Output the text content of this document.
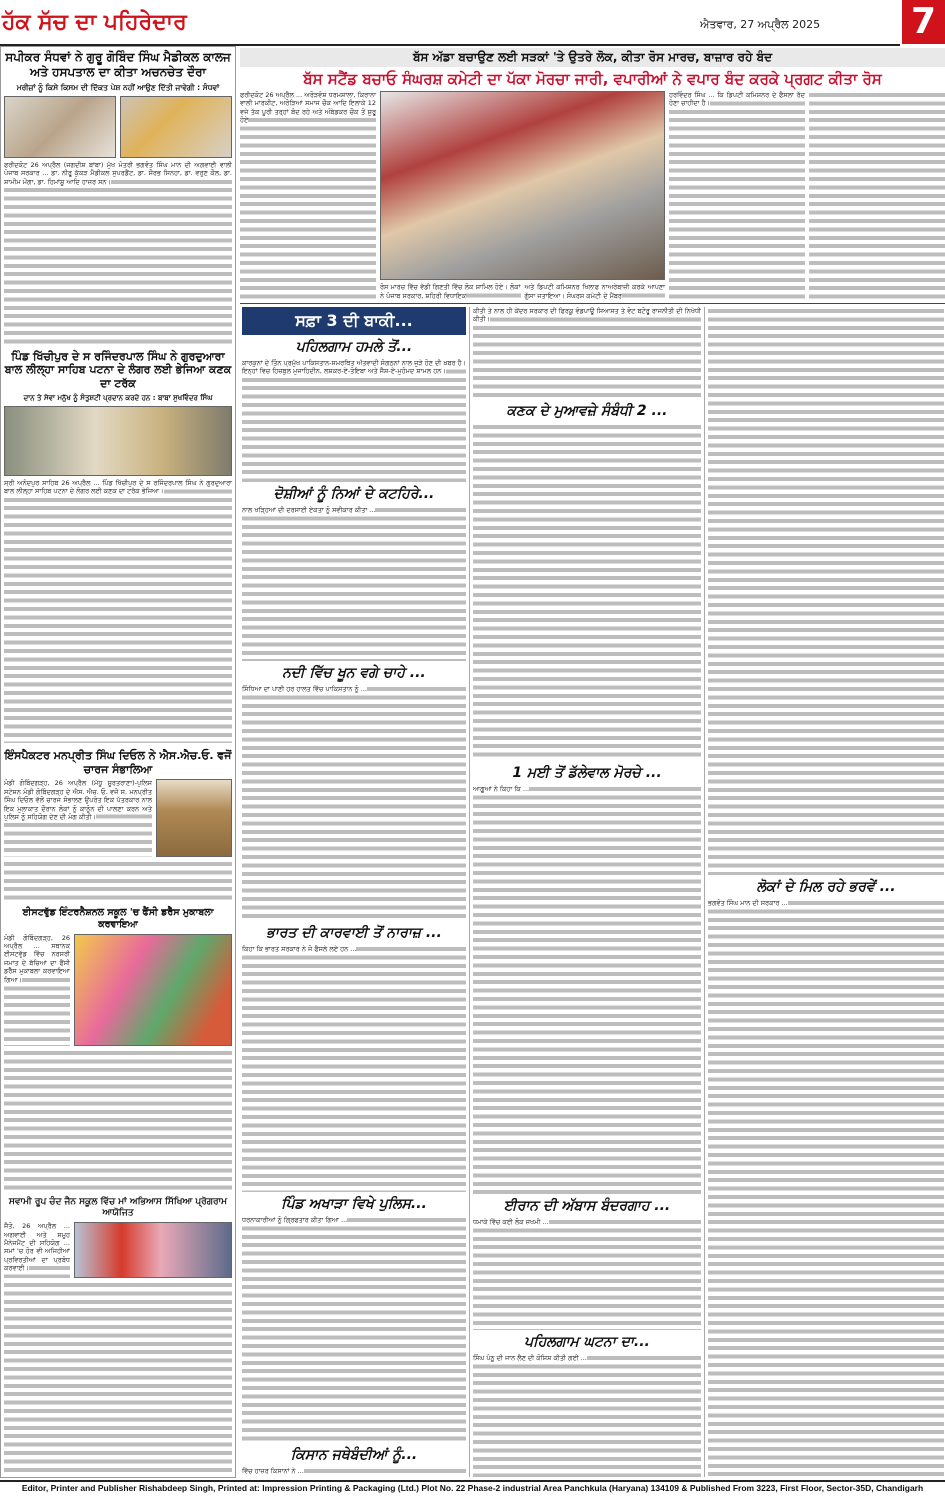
ਹੱਕ ਸੱਚ ਦਾ ਪਹਿਰੇਦਾਰ	ਐਤਵਾਰ, 27 ਅਪ੍ਰੈਲ 2025	7
ਸਪੀਕਰ ਸੰਧਵਾਂ ਨੇ ਗੁਰੂ ਗੋਬਿੰਦ ਸਿੰਘ ਮੈਡੀਕਲ ਕਾਲਜ ਅਤੇ ਹਸਪਤਾਲ ਦਾ ਕੀਤਾ ਅਚਨਚੇਤ ਦੌਰਾ
ਮਰੀਜ਼ਾਂ ਨੂੰ ਕਿਸੇ ਕਿਸਮ ਦੀ ਦਿੱਕਤ ਪੇਸ਼ ਨਹੀਂ ਆਉਣ ਦਿੱਤੀ ਜਾਵੇਗੀ : ਸੰਧਵਾਂ
ਫਰੀਦਕੋਟ 26 ਅਪ੍ਰੈਲ (ਜਗਦੀਸ਼ ਬਾਂਬਾ) ਮੁੱਖ ਮੰਤਰੀ ਭਗਵੰਤ ਸਿੰਘ ਮਾਨ ਦੀ ਅਗਵਾਈ ਵਾਲੀ ਪੰਜਾਬ ਸਰਕਾਰ ... ਡਾ. ਨੀਰੂ ਕੁੱਕੜ ਮੈਡੀਕਲ ਸੁਪਰਡੈਂਟ, ਡਾ. ਸੌਰਭ ਸਿਨਹਾ, ਡਾ. ਵਰੁਣ ਕੌਲ, ਡਾ. ਸ਼ਾਮੀਮ ਮੋਂਗਾ, ਡਾ. ਹਿਮਾਂਸ਼ੂ ਆਦਿ ਹਾਜ਼ਰ ਸਨ।
ਪਿੰਡ ਖਿੱਚੀਪੁਰ ਦੇ ਸ ਰਜਿੰਦਰਪਾਲ ਸਿੰਘ ਨੇ ਗੁਰਦੁਆਰਾ ਬਾਲ ਲੀਲ੍ਹਾ ਸਾਹਿਬ ਪਟਨਾ ਦੇ ਲੰਗਰ ਲਈ ਭੇਜਿਆ ਕਣਕ ਦਾ ਟਰੱਕ
ਦਾਨ ਤੇ ਸੇਵਾ ਮਨੁੱਖ ਨੂੰ ਸੰਤੁਸ਼ਟੀ ਪ੍ਰਦਾਨ ਕਰਦੇ ਹਨ : ਬਾਬਾ ਸੁਖਵਿੰਦਰ ਸਿੰਘ
ਸ੍ਰੀ ਅਨੰਦਪੁਰ ਸਾਹਿਬ 26 ਅਪ੍ਰੈਲ ... ਪਿੰਡ ਖਿੱਚੀਪੁਰ ਦੇ ਸ ਰਜਿੰਦਰਪਾਲ ਸਿੰਘ ਨੇ ਗੁਰਦੁਆਰਾ ਬਾਲ ਲੀਲ੍ਹਾ ਸਾਹਿਬ ਪਟਨਾ ਦੇ ਲੰਗਰ ਲਈ ਕਣਕ ਦਾ ਟਰੱਕ ਭੇਜਿਆ।
ਇੰਸਪੈਕਟਰ ਮਨਪ੍ਰੀਤ ਸਿੰਘ ਦਿਓਲ ਨੇ ਐਸ.ਐਚ.ਓ. ਵਜੋਂ ਚਾਰਜ ਸੰਭਾਲਿਆ
ਮੰਡੀ ਗੋਬਿੰਦਗੜ੍ਹ, 26 ਅਪ੍ਰੈਲ (ਮੱਧੂ ਸੂਰਤਰਾਣਾ)-ਪੁਲਿਸ ਸਟੇਸ਼ਨ ਮੰਡੀ ਗੋਬਿੰਦਗੜ੍ਹ ਦੇ ਐਸ. ਐਚ. ਓ. ਵਜੋਂ ਸ. ਮਨਪ੍ਰੀਤ ਸਿੰਘ ਦਿਓਲ ਵੱਲੋਂ ਚਾਰਜ ਸੰਭਾਲਣ ਉਪਰੰਤ ਇਕ ਪੱਤਰਕਾਰ ਨਾਲ ਇਕ ਮੁਲਾਕਾਤ ਦੌਰਾਨ ਲੋਕਾਂ ਨੂੰ ਕਾਨੂੰਨ ਦੀ ਪਾਲਣਾ ਕਰਨ ਅਤੇ ਪੁਲਿਸ ਨੂੰ ਸਹਿਯੋਗ ਦੇਣ ਦੀ ਮੰਗ ਕੀਤੀ।
ਈਸਟਵੁੱਡ ਇੰਟਰਨੈਸ਼ਨਲ ਸਕੂਲ 'ਚ ਫੈਂਸੀ ਡਰੈੱਸ ਮੁਕਾਬਲਾ ਕਰਵਾਇਆ
ਮੰਡੀ ਗੋਬਿੰਦਗੜ੍ਹ, 26 ਅਪ੍ਰੈਲ ... ਸਥਾਨਕ ਈਸਟਵੁੱਡ ਵਿੱਚ ਨਰਸਰੀ ਜਮਾਤ ਦੇ ਬੱਚਿਆਂ ਦਾ ਫੈਂਸੀ ਡਰੈੱਸ ਮੁਕਾਬਲਾ ਕਰਵਾਇਆ ਗਿਆ।
ਸਵਾਮੀ ਰੂਪ ਚੰਦ ਜੈਨ ਸਕੂਲ ਵਿੱਚ ਮਾਂ ਅਭਿਆਸ ਸਿੱਖਿਆ ਪ੍ਰੋਗਰਾਮ ਆਯੋਜਿਤ
ਜੈਤੋ, 26 ਅਪ੍ਰੈਲ ... ਅਗਵਾਈ ਅਤੇ ਸਮੂਹ ਮੈਨੇਜਮੈਂਟ ਦੀ ਸਹਿਯੋਗ ... ਸਮਾਂ 'ਚ ਹੋਰ ਵੀ ਅਜਿਹੀਆਂ ਪ੍ਰਵਿਰਤੀਆਂ ਦਾ ਪ੍ਰਬੰਧ ਕਰਵਾਈ।
ਬੱਸ ਅੱਡਾ ਬਚਾਉਣ ਲਈ ਸੜਕਾਂ 'ਤੇ ਉਤਰੇ ਲੋਕ, ਕੀਤਾ ਰੋਸ ਮਾਰਚ, ਬਾਜ਼ਾਰ ਰਹੇ ਬੰਦ
ਬੱਸ ਸਟੈਂਡ ਬਚਾਓ ਸੰਘਰਸ਼ ਕਮੇਟੀ ਦਾ ਪੱਕਾ ਮੋਰਚਾ ਜਾਰੀ, ਵਪਾਰੀਆਂ ਨੇ ਵਪਾਰ ਬੰਦ ਕਰਕੇ ਪ੍ਰਗਟ ਕੀਤਾ ਰੋਸ
ਫਰੀਦਕੋਟ 26 ਅਪ੍ਰੈਲ ... ਅਰੋੜਵੰਸ਼ ਧਰਮਸ਼ਾਲਾ, ਕਿਰਾਨਾ ਵਾਲੀ ਮਾਰਕੀਟ, ਅਰੋੜਿਆਂ ਸਮਾਜ ਚੌਕ ਆਦਿ ਇਲਾਕੇ 12 ਵਜੇ ਤੱਕ ਪੂਰੀ ਤਰ੍ਹਾਂ ਬੰਦ ਰਹੇ ਅਤੇ ਅੰਬੇਡਕਰ ਚੌਕ ਤੋਂ ਸ਼ੁਰੂ ਹੋਏ
ਰੋਸ ਮਾਰਚ ਵਿੱਚ ਵੱਡੀ ਗਿਣਤੀ ਵਿੱਚ ਲੋਕ ਸ਼ਾਮਿਲ ਹੋਏ। ਲੋਕਾਂ ਨੇ ਪੰਜਾਬ ਸਰਕਾਰ, ਸ਼ਹਿਰੀ ਵਿਧਾਇਕ
ਅਤੇ ਡਿਪਟੀ ਕਮਿਸ਼ਨਰ ਖਿਲਾਫ ਨਾਅਰੇਬਾਜ਼ੀ ਕਰਕੇ ਆਪਣਾ ਗੁੱਸਾ ਜਤਾਇਆ। ਸੰਘਰਸ਼ ਕਮੇਟੀ ਦੇ ਮੈਂਬਰ
ਹਰਵਿੰਦਰ ਸਿੰਘ ... ਕਿ ਡਿਪਟੀ ਕਮਿਸ਼ਨਰ ਦੇ ਫੈਸਲਾ ਰੱਦ ਹੋਣਾ ਚਾਹੀਦਾ ਹੈ।
ਸਫ਼ਾ 3 ਦੀ ਬਾਕੀ...
ਪਹਿਲਗਾਮ ਹਮਲੇ ਤੋਂ...
ਕਾਰਕੁਨਾਂ ਦੇ ਤਿੰਨ ਪ੍ਰਮੁੱਖ ਪਾਕਿਸਤਾਨ-ਸਮਰਥਿਤ ਅੱਤਵਾਦੀ ਸੰਗਠਨਾਂ ਨਾਲ ਜੁੜੇ ਹੋਣ ਦੀ ਖ਼ਬਰ ਹੈ। ਇਨ੍ਹਾਂ ਵਿਚ ਹਿਜ਼ਬੁਲ ਮੁਜਾਹਿਦੀਨ, ਲਸ਼ਕਰ-ਏ-ਤੋਇਬਾ ਅਤੇ ਜੈਸ਼-ਏ-ਮੁਹੰਮਦ ਸ਼ਾਮਲ ਹਨ।
ਦੋਸ਼ੀਆਂ ਨੂੰ ਨਿਆਂ ਦੇ ਕਟਹਿਰੇ...
ਨਾਲ ਖੜ੍ਹਿਆਂ ਦੀ ਦਰਸਾਈ ਏਕਤਾ ਨੂੰ ਸਵੀਕਾਰ ਕੀਤਾ ...
ਨਦੀ ਵਿੱਚ ਖੂਨ ਵਗੇ ਚਾਹੇ ...
ਸਿੰਧਿਆ ਦਾ ਪਾਣੀ ਹਰ ਹਾਲਤ ਵਿੱਚ ਪਾਕਿਸਤਾਨ ਨੂੰ ...
ਭਾਰਤ ਦੀ ਕਾਰਵਾਈ ਤੋਂ ਨਾਰਾਜ਼ ...
ਕਿਹਾ ਕਿ ਭਾਰਤ ਸਰਕਾਰ ਨੇ ਜੋ ਫੈਸਲੇ ਲਏ ਹਨ ...
ਪਿੰਡ ਅਖਾੜਾ ਵਿਖੇ ਪੁਲਿਸ...
ਧਰਨਾਕਾਰੀਆਂ ਨੂੰ ਗ੍ਰਿਫਤਾਰ ਕੀਤਾ ਗਿਆ ...
ਕਿਸਾਨ ਜਥੇਬੰਦੀਆਂ ਨੂੰ...
ਵਿੱਚ ਹਾਜ਼ਰ ਕਿਸਾਨਾਂ ਨੇ ...
ਕੀਤੀ ਤੇ ਨਾਲ ਹੀ ਕੇਂਦਰ ਸਰਕਾਰ ਦੀ ਫਿਰਕੂ ਵੰਡਪਾਊ ਸਿਆਸਤ ਤੇ ਵੋਟ ਬਟੋਰੂ ਰਾਜਨੀਤੀ ਦੀ ਨਿਖੇਧੀ ਕੀਤੀ।
ਕਣਕ ਦੇ ਮੁਆਵਜ਼ੇ ਸੰਬੰਧੀ 2 ...
1 ਮਈ ਤੋਂ ਡੱਲੇਵਾਲ ਮੋਰਚੇ ...
ਆਗੂਆਂ ਨੇ ਕਿਹਾ ਕਿ ...
ਈਰਾਨ ਦੀ ਅੱਬਾਸ ਬੰਦਰਗਾਹ ...
ਧਮਾਕੇ ਵਿੱਚ ਕਈ ਲੋਕ ਜ਼ਖਮੀ ...
ਪਹਿਲਗਾਮ ਘਟਨਾ ਦਾ...
ਸਿੰਘ ਪੰਨੂ ਦੀ ਜਾਨ ਲੈਣ ਦੀ ਕੋਸ਼ਿਸ਼ ਕੀਤੀ ਗਈ ...
ਲੋਕਾਂ ਦੇ ਮਿਲ ਰਹੇ ਭਰਵੇਂ ...
ਭਗਵੰਤ ਸਿੰਘ ਮਾਨ ਦੀ ਸਰਕਾਰ ...
Editor, Printer and Publisher Rishabdeep Singh, Printed at: Impression Printing & Packaging (Ltd.) Plot No. 22 Phase-2 industrial Area Panchkula (Haryana) 134109 & Published From 3223, First Floor, Sector-35D, Chandigarh
